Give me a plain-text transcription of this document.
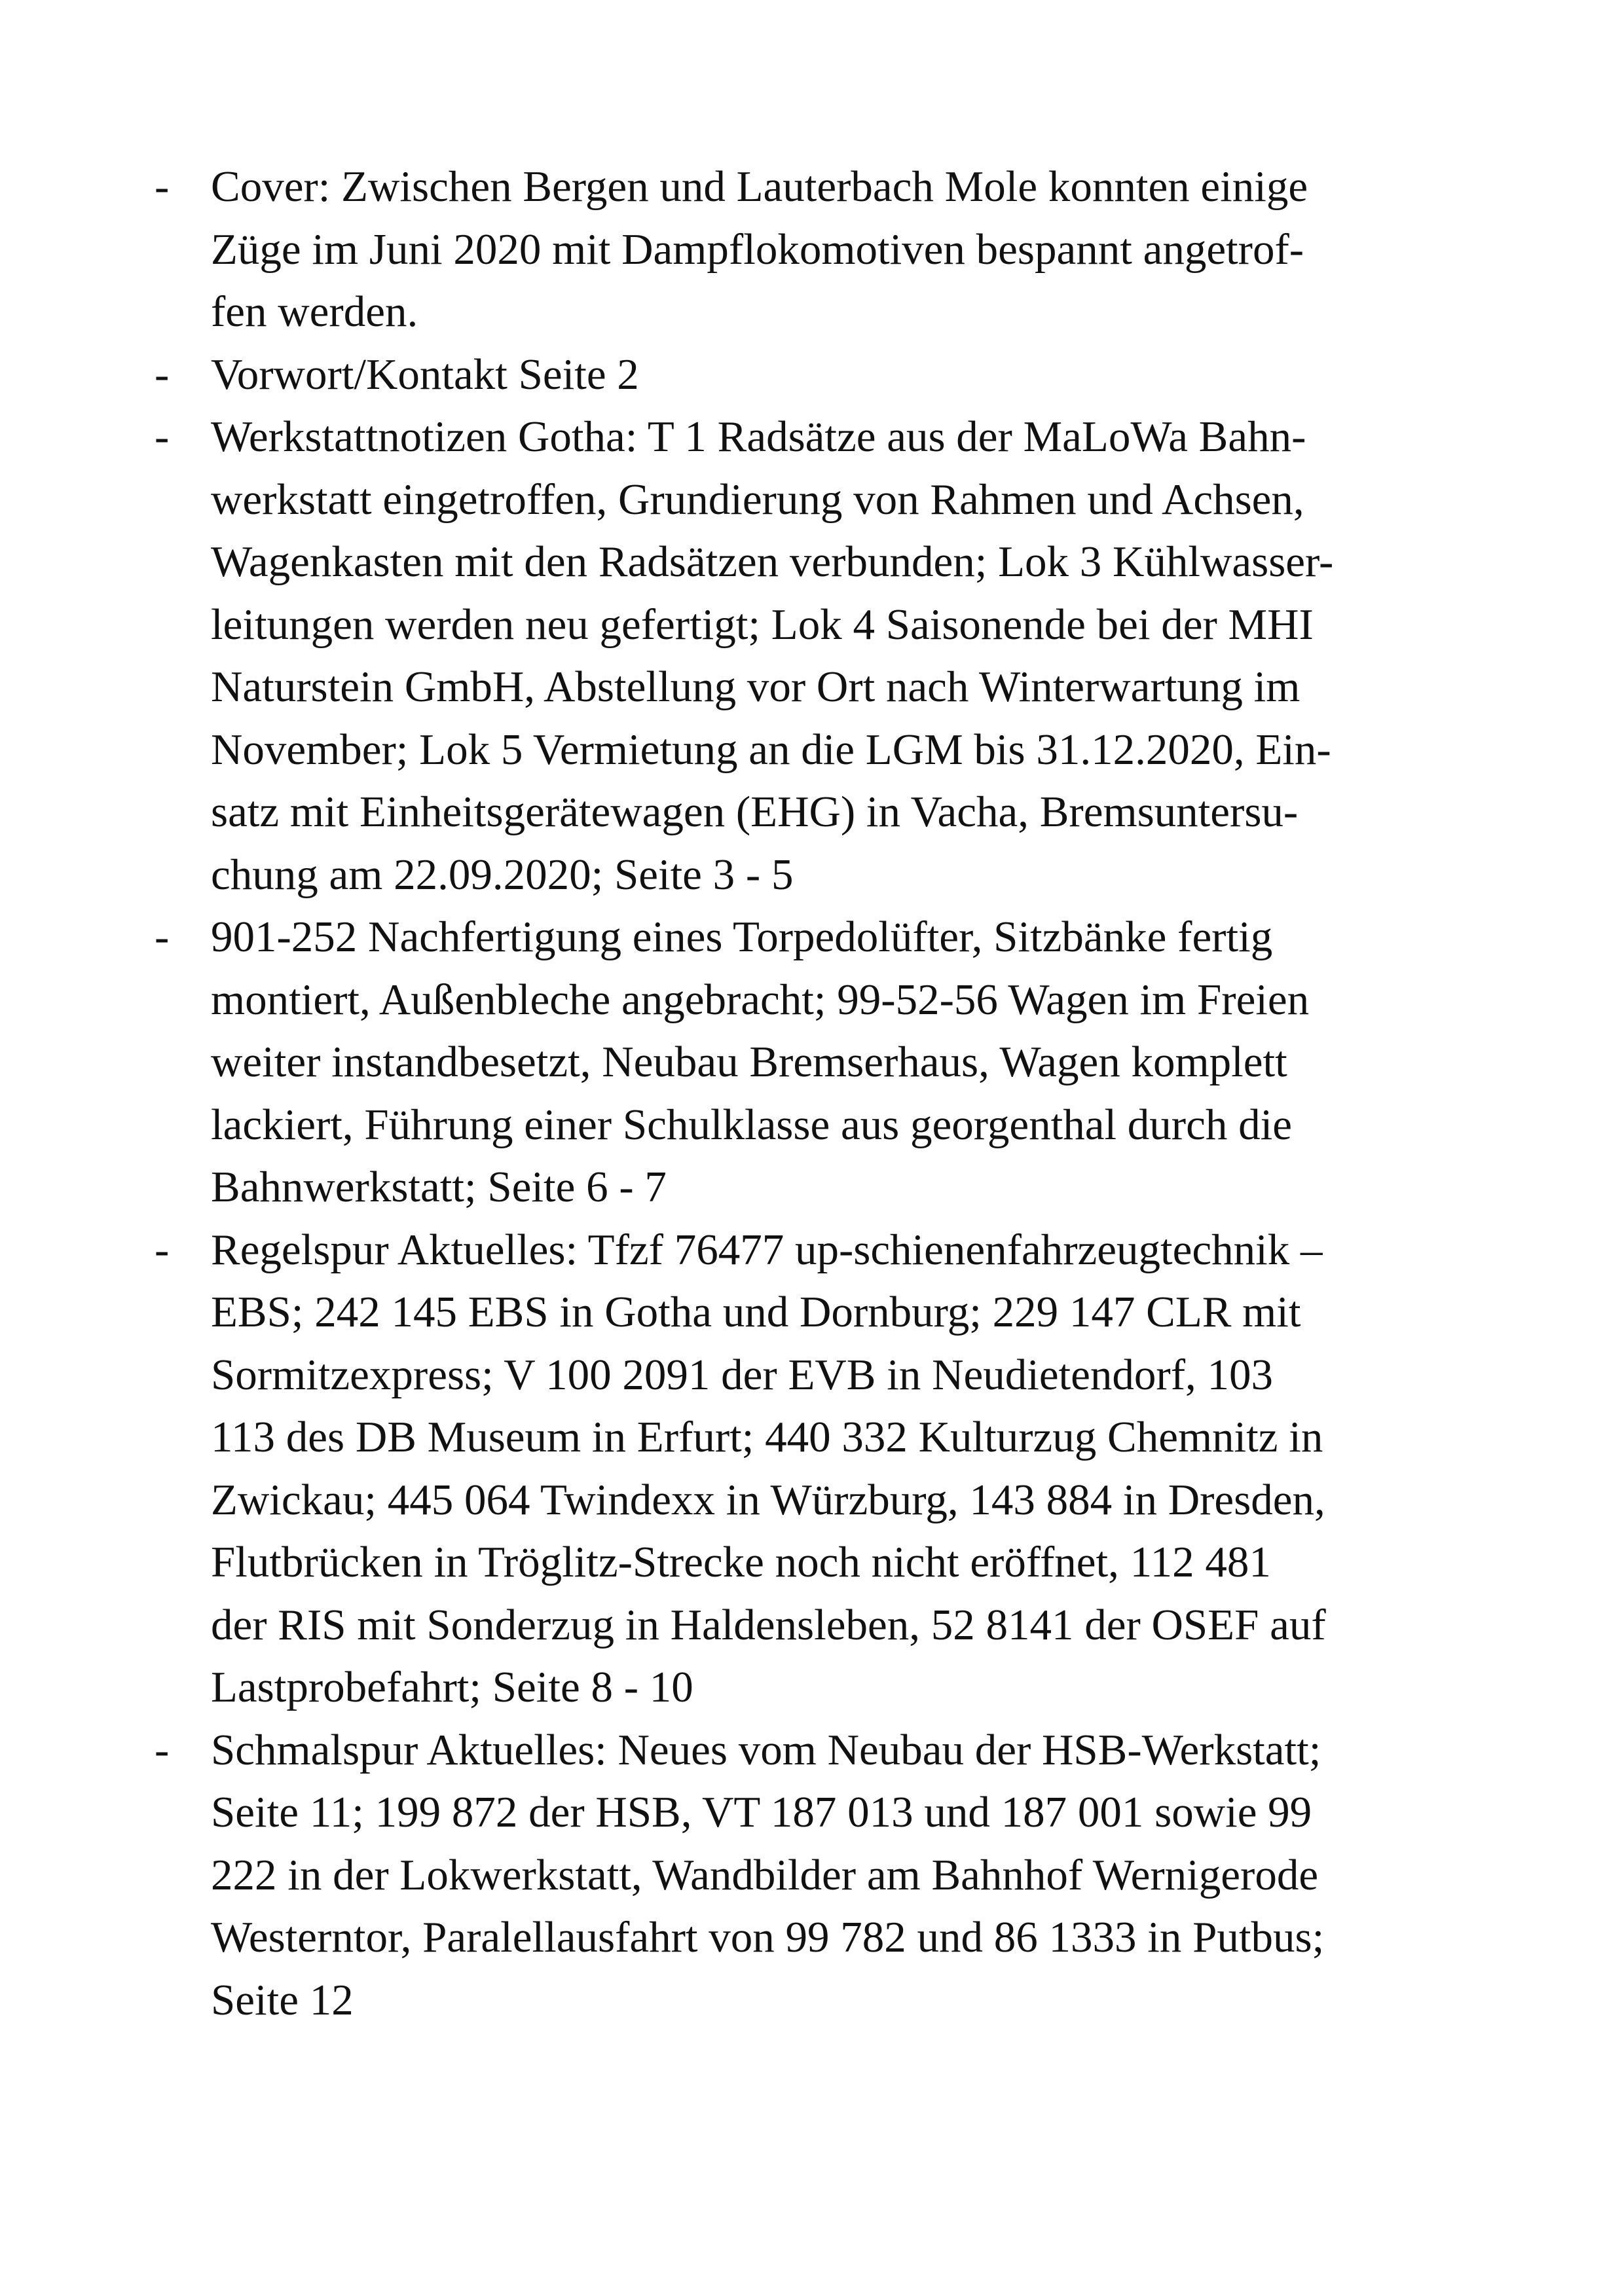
- Cover: Zwischen Bergen und Lauterbach Mole konnten einige
Züge im Juni 2020 mit Dampflokomotiven bespannt angetrof-
fen werden.
- Vorwort/Kontakt Seite 2
- Werkstattnotizen Gotha: T 1 Radsätze aus der MaLoWa Bahn-
werkstatt eingetroffen, Grundierung von Rahmen und Achsen,
Wagenkasten mit den Radsätzen verbunden; Lok 3 Kühlwasser-
leitungen werden neu gefertigt; Lok 4 Saisonende bei der MHI
Naturstein GmbH, Abstellung vor Ort nach Winterwartung im
November; Lok 5 Vermietung an die LGM bis 31.12.2020, Ein-
satz mit Einheitsgerätewagen (EHG) in Vacha, Bremsuntersu-
chung am 22.09.2020; Seite 3 - 5
- 901-252 Nachfertigung eines Torpedolüfter, Sitzbänke fertig
montiert, Außenbleche angebracht; 99-52-56 Wagen im Freien
weiter instandbesetzt, Neubau Bremserhaus, Wagen komplett
lackiert, Führung einer Schulklasse aus georgenthal durch die
Bahnwerkstatt; Seite 6 - 7
- Regelspur Aktuelles: Tfzf 76477 up-schienenfahrzeugtechnik –
EBS; 242 145 EBS in Gotha und Dornburg; 229 147 CLR mit
Sormitzexpress; V 100 2091 der EVB in Neudietendorf, 103
113 des DB Museum in Erfurt; 440 332 Kulturzug Chemnitz in
Zwickau; 445 064 Twindexx in Würzburg, 143 884 in Dresden,
Flutbrücken in Tröglitz-Strecke noch nicht eröffnet, 112 481
der RIS mit Sonderzug in Haldensleben, 52 8141 der OSEF auf
Lastprobefahrt; Seite 8 - 10
- Schmalspur Aktuelles: Neues vom Neubau der HSB-Werkstatt;
Seite 11; 199 872 der HSB, VT 187 013 und 187 001 sowie 99
222 in der Lokwerkstatt, Wandbilder am Bahnhof Wernigerode
Westerntor, Paralellausfahrt von 99 782 und 86 1333 in Putbus;
Seite 12
